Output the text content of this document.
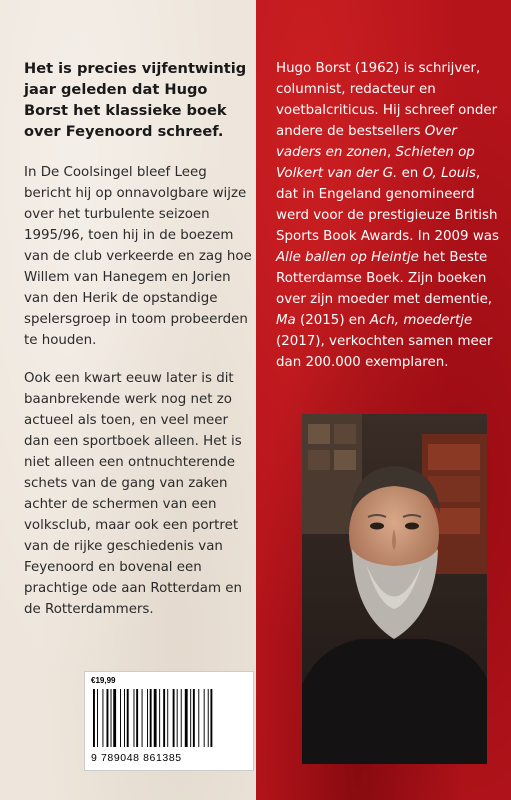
Het is precies vijfentwintig jaar geleden dat Hugo Borst het klassieke boek over Feyenoord schreef.

In De Coolsingel bleef Leeg bericht hij op onnavolgbare wijze over het turbulente seizoen 1995/96, toen hij in de boezem van de club verkeerde en zag hoe Willem van Hanegem en Jorien van den Herik de opstandige spelersgroep in toom probeerden te houden.

Ook een kwart eeuw later is dit baanbrekende werk nog net zo actueel als toen, en veel meer dan een sportboek alleen. Het is niet alleen een ontnuchterende schets van de gang van zaken achter de schermen van een volksclub, maar ook een portret van de rijke geschiedenis van Feyenoord en bovenal een prachtige ode aan Rotterdam en de Rotterdammers.

Hugo Borst (1962) is schrijver, columnist, redacteur en voetbalcriticus. Hij schreef onder andere de bestsellers Over vaders en zonen, Schieten op Volkert van der G. en O, Louis, dat in Engeland genomineerd werd voor de prestigieuze British Sports Book Awards. In 2009 was Alle ballen op Heintje het Beste Rotterdamse Boek. Zijn boeken over zijn moeder met dementie, Ma (2015) en Ach, moedertje (2017), verkochten samen meer dan 200.000 exemplaren.

€19,99
9 789048 861385
